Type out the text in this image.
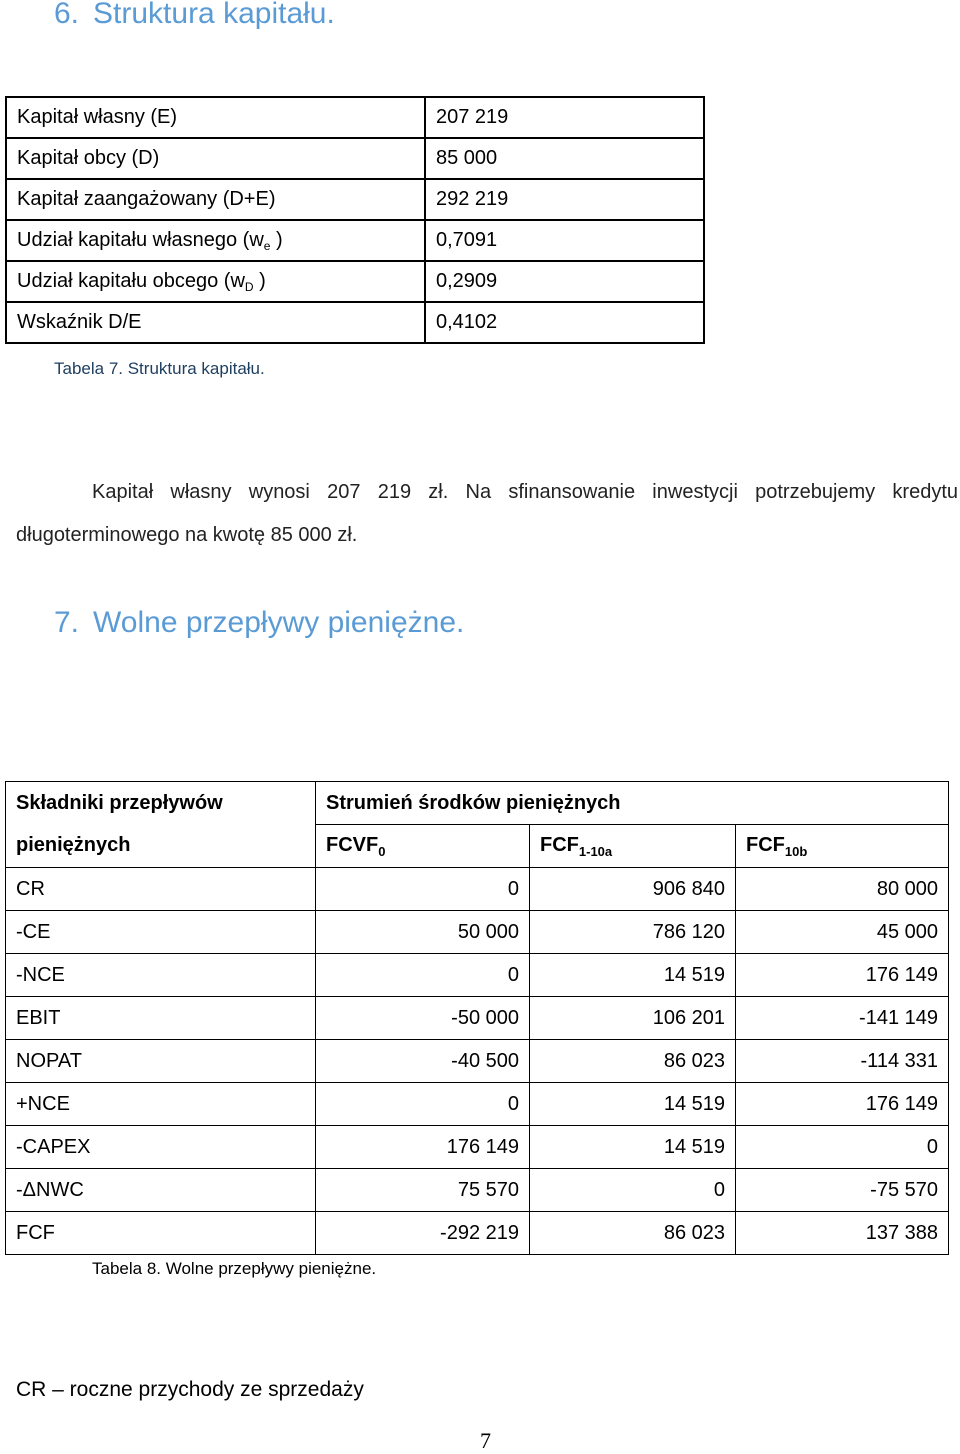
6. Struktura kapitału.
Kapitał własny (E)	207 219
Kapitał obcy (D)	85 000
Kapitał zaangażowany (D+E)	292 219
Udział kapitału własnego ($w_e$ )	0,7091
Udział kapitału obcego ($w_D$ )	0,2909
Wskaźnik D/E	0,4102
Tabela 7. Struktura kapitału.
Kapitał własny wynosi 207 219 zł. Na sfinansowanie inwestycji potrzebujemy kredytu
długoterminowego na kwotę 85 000 zł.
7. Wolne przepływy pieniężne.
Składniki przepływów	Strumień środków pieniężnych		
pieniężnych	$FCVF_0$	$FCF_{1-10a}$	$FCF_{10b}$
CR	0	906 840	80 000
-CE	50 000	786 120	45 000
-NCE	0	14 519	176 149
EBIT	-50 000	106 201	-141 149
NOPAT	-40 500	86 023	-114 331
+NCE	0	14 519	176 149
-CAPEX	176 149	14 519	0
-ΔNWC	75 570	0	-75 570
FCF	-292 219	86 023	137 388
Tabela 8. Wolne przepływy pieniężne.
CR – roczne przychody ze sprzedaży
7
